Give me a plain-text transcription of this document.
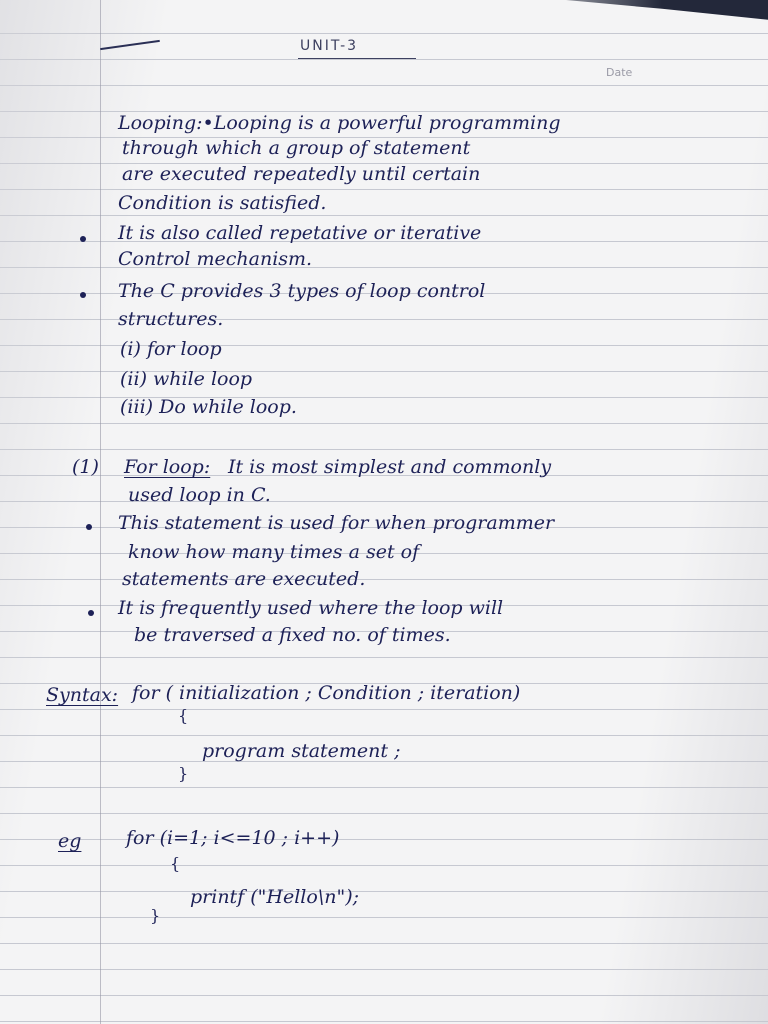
UNIT-3
Date
Looping:•Looping is a powerful programming
through which a group of statement
are executed repeatedly until certain
Condition is satisfied.
It is also called repetative or iterative
Control mechanism.
The C provides 3 types of loop control
structures.
(i) for loop
(ii) while loop
(iii) Do while loop.
(1) For loop: It is most simplest and commonly
used loop in C.
This statement is used for when programmer
know how many times a set of
statements are executed.
It is frequently used where the loop will
be traversed a fixed no. of times.
Syntax: for ( initialization ; Condition ; iteration)
{
program statement ;
}
eg for (i=1; i<=10 ; i++)
{
printf ("Hello\n");
}
